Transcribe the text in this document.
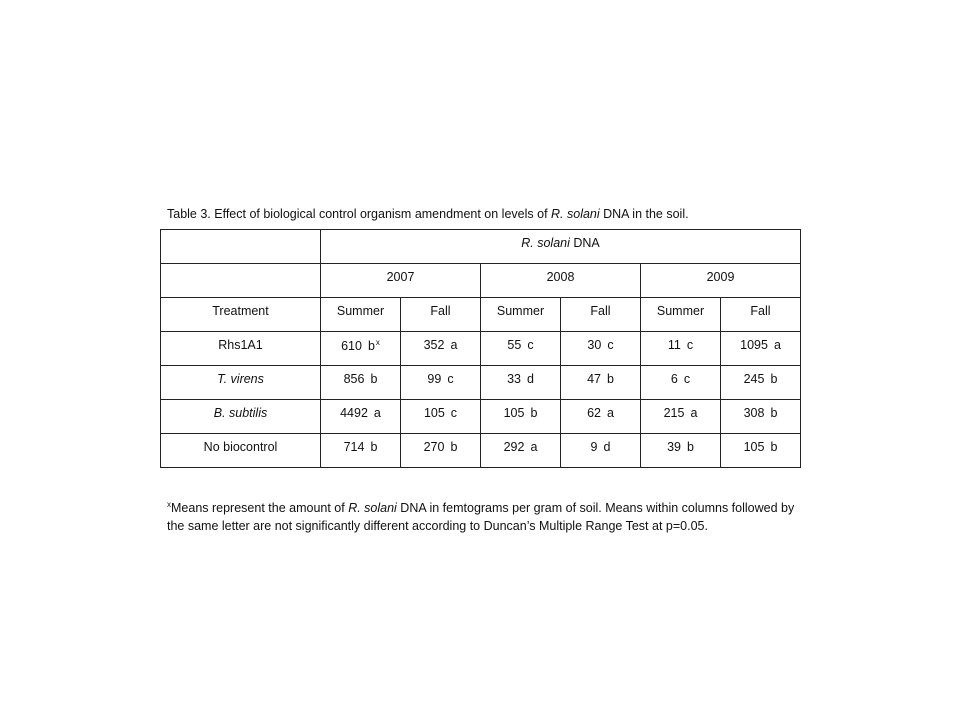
Table 3. Effect of biological control organism amendment on levels of R. solani DNA in the soil.
	R. solani DNA					
	2007		2008		2009	
Treatment	Summer	Fall	Summer	Fall	Summer	Fall
Rhs1A1	610 $b^x$	352 a	55 c	30 c	11 c	1095 a
T. virens	856 b	99 c	33 d	47 b	6 c	245 b
B. subtilis	4492 a	105 c	105 b	62 a	215 a	308 b
No biocontrol	714 b	270 b	292 a	9 d	39 b	105 b
$^x$Means represent the amount of R. solani DNA in femtograms per gram of soil. Means within columns followed by the same letter are not significantly different according to Duncan’s Multiple Range Test at p=0.05.
